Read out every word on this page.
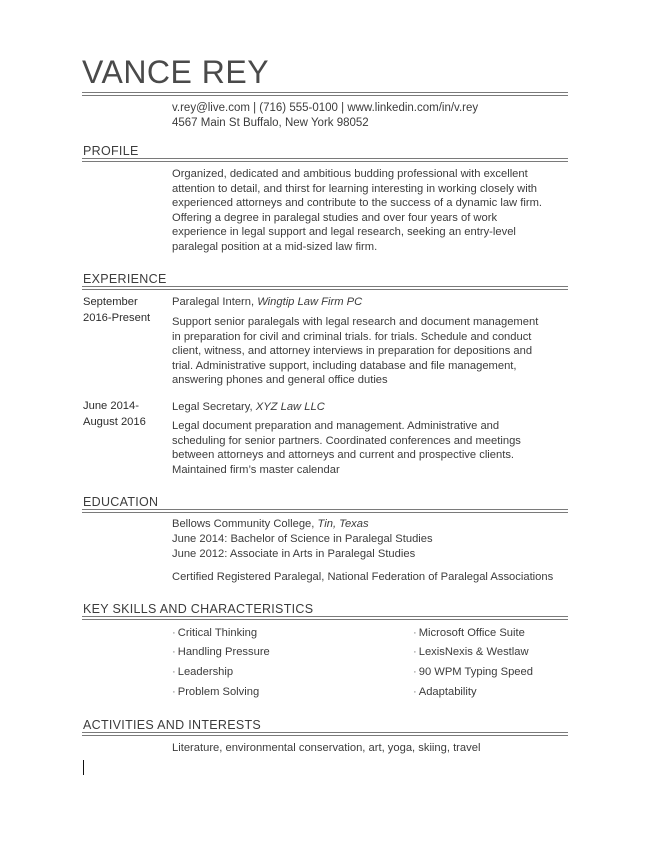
VANCE REY
v.rey@live.com | (716) 555-0100 | www.linkedin.com/in/v.rey
4567 Main St Buffalo, New York 98052
PROFILE
Organized, dedicated and ambitious budding professional with excellent attention to detail, and thirst for learning interesting in working closely with experienced attorneys and contribute to the success of a dynamic law firm. Offering a degree in paralegal studies and over four years of work experience in legal support and legal research, seeking an entry-level paralegal position at a mid-sized law firm.
EXPERIENCE
September
2016-Present
Paralegal Intern, Wingtip Law Firm PC
Support senior paralegals with legal research and document management in preparation for civil and criminal trials. for trials. Schedule and conduct client, witness, and attorney interviews in preparation for depositions and trial. Administrative support, including database and file management, answering phones and general office duties
June 2014-
August 2016
Legal Secretary, XYZ Law LLC
Legal document preparation and management. Administrative and scheduling for senior partners. Coordinated conferences and meetings between attorneys and attorneys and current and prospective clients. Maintained firm’s master calendar
EDUCATION
Bellows Community College, Tin, Texas
June 2014: Bachelor of Science in Paralegal Studies
June 2012: Associate in Arts in Paralegal Studies
Certified Registered Paralegal, National Federation of Paralegal Associations
KEY SKILLS AND CHARACTERISTICS
· Critical Thinking
· Handling Pressure
· Leadership
· Problem Solving
· Microsoft Office Suite
· LexisNexis & Westlaw
· 90 WPM Typing Speed
· Adaptability
ACTIVITIES AND INTERESTS
Literature, environmental conservation, art, yoga, skiing, travel
